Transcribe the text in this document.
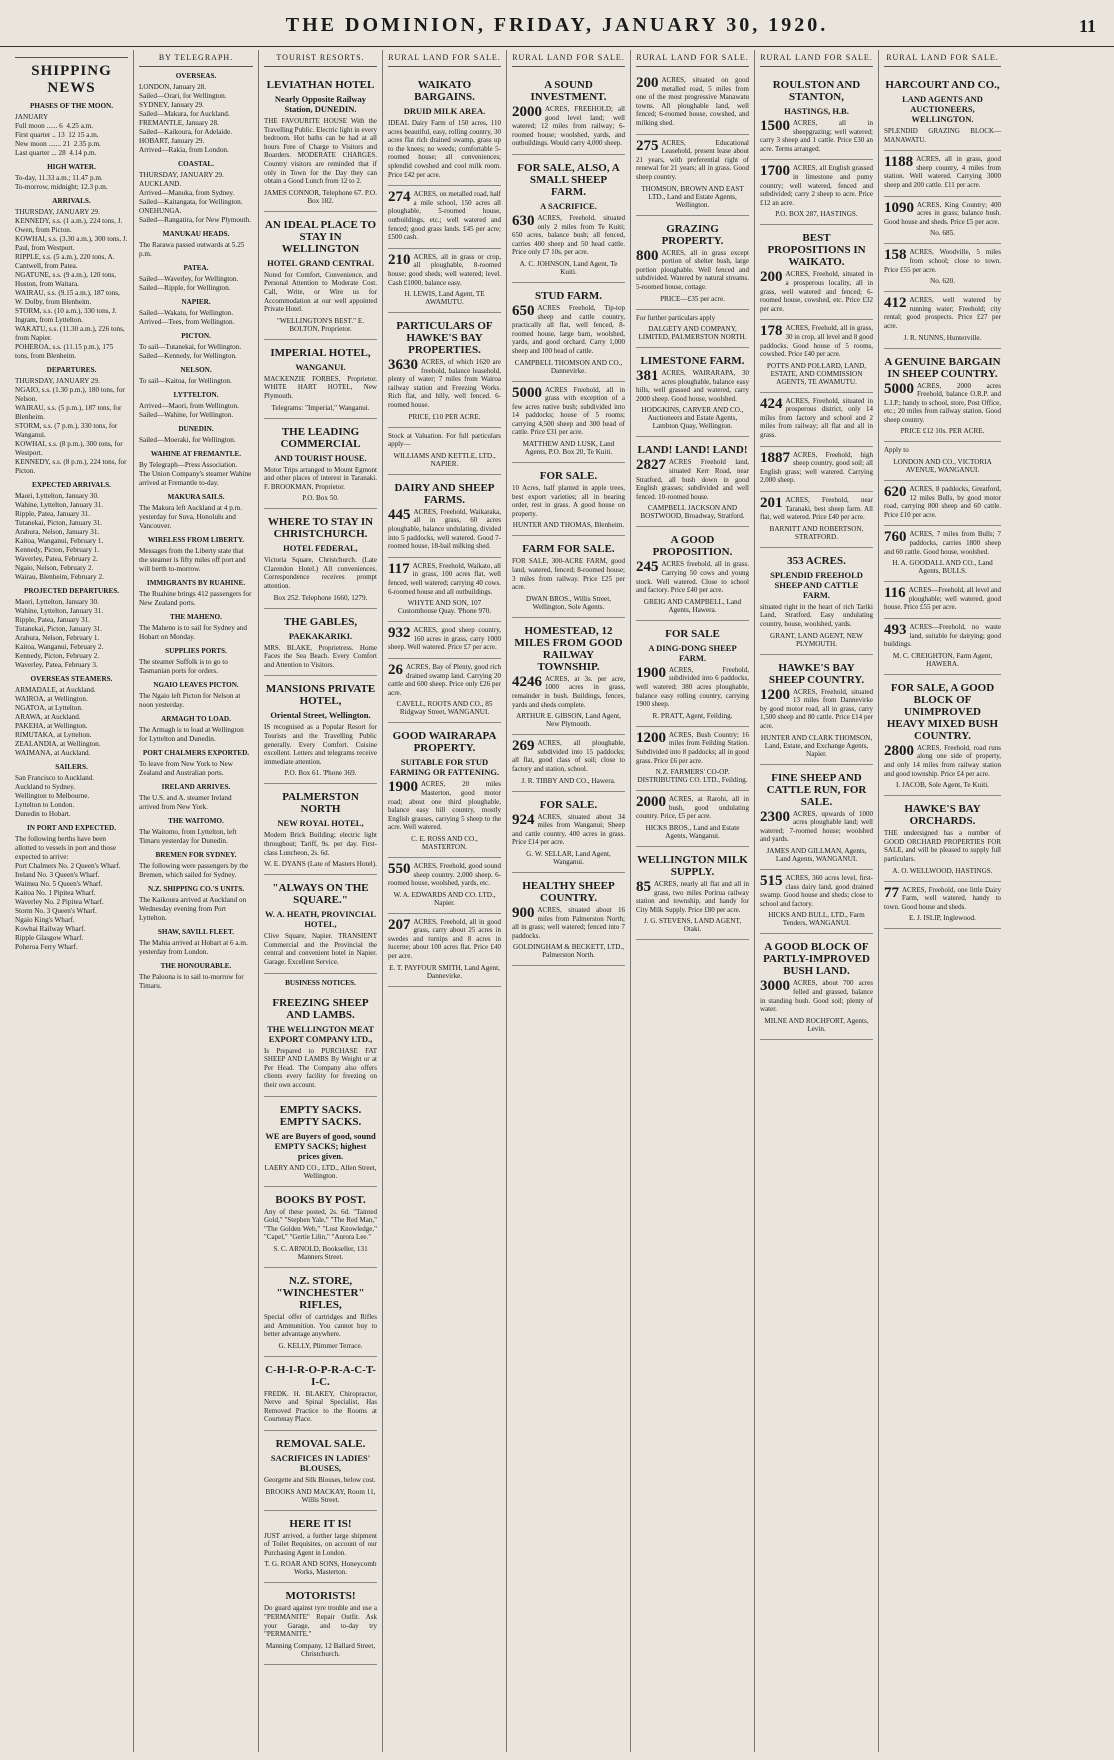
THE DOMINION, FRIDAY, JANUARY 30, 1920.	11
SHIPPING NEWS
PHASES OF THE MOON.
JANUARY
Full moon ...... 6  4.25 a.m.
First quarter .. 13  12 15 a.m.
New moon ....... 21  2.35 p.m.
Last quarter ... 28  4.14 p.m.
HIGH WATER.
To-day, 11.33 a.m.; 11.47 p.m.
To-morrow, midnight; 12.3 p.m.
ARRIVALS.
THURSDAY, JANUARY 29.
KENNEDY, s.s. (1 a.m.), 224 tons, J. Owen, from Picton.
KOWHAI, s.s. (3.30 a.m.), 300 tons, J. Paul, from Westport.
RIPPLE, s.s. (5 a.m.), 220 tons, A. Cantwell, from Patea.
NGATUNE, s.s. (9 a.m.), 120 tons, Huston, from Waitara.
WAIRAU, s.s. (9.15 a.m.), 187 tons, W. Dolby, from Blenheim.
STORM, s.s. (10 a.m.), 330 tons, J. Ingram, from Lyttelton.
WAKATU, s.s. (11.30 a.m.), 226 tons, from Napier.
POHEROA, s.s. (11.15 p.m.), 175 tons, from Blenheim.
DEPARTURES.
THURSDAY, JANUARY 29.
NGAIO, s.s. (1.30 p.m.), 180 tons, for Nelson.
WAIRAU, s.s. (5 p.m.), 187 tons, for Blenheim.
STORM, s.s. (7 p.m.), 330 tons, for Wanganui.
KOWHAI, s.s. (8 p.m.), 300 tons, for Westport.
KENNEDY, s.s. (8 p.m.), 224 tons, for Picton.
EXPECTED ARRIVALS.
Maori, Lyttelton, January 30.
Wahine, Lyttelton, January 31.
Ripple, Patea, January 31.
Tutanekai, Picton, January 31.
Arahura, Nelson, January 31.
Kaitoa, Wanganui, February 1.
Kennedy, Picton, February 1.
Waverley, Patea, February 2.
Ngaio, Nelson, February 2.
Wairau, Blenheim, February 2.
PROJECTED DEPARTURES.
Maori, Lyttelton, January 30.
Wahine, Lyttelton, January 31.
Ripple, Patea, January 31.
Tutanekai, Picton, January 31.
Arahura, Nelson, February 1.
Kaitoa, Wanganui, February 2.
Kennedy, Picton, February 2.
Waverley, Patea, February 3.
OVERSEAS STEAMERS.
ARMADALE, at Auckland.
WAIROA, at Wellington.
NGATOA, at Lyttelton.
ARAWA, at Auckland.
PAKEHA, at Wellington.
RIMUTAKA, at Lyttelton.
ZEALANDIA, at Wellington.
WAIMANA, at Auckland.
SAILERS.
San Francisco to Auckland.
Auckland to Sydney.
Wellington to Melbourne.
Lyttelton to London.
Dunedin to Hobart.
IN PORT AND EXPECTED.
The following berths have been allotted to vessels in port and those expected to arrive:
Port Chalmers No. 2 Queen's Wharf.
Ireland No. 3 Queen's Wharf.
Waimea No. 5 Queen's Wharf.
Kaitoa No. 1 Pipitea Wharf.
Waverley No. 2 Pipitea Wharf.
Storm No. 3 Queen's Wharf.
Ngaio King's Wharf.
Kowhai Railway Wharf.
Ripple Glasgow Wharf.
Poheroa Ferry Wharf.
BY TELEGRAPH.
OVERSEAS.
LONDON, January 28.
Sailed—Orari, for Wellington.
SYDNEY, January 29.
Sailed—Makura, for Auckland.
FREMANTLE, January 28.
Sailed—Kaikoura, for Adelaide.
HOBART, January 29.
Arrived—Rakia, from London.
COASTAL.
THURSDAY, JANUARY 29.
AUCKLAND.
Arrived—Manuka, from Sydney.
Sailed—Kaitangata, for Wellington.
ONEHUNGA.
Sailed—Rangatira, for New Plymouth.
MANUKAU HEADS.
The Rarawa passed outwards at 5.25 p.m.
PATEA.
Sailed—Waverley, for Wellington.
Sailed—Ripple, for Wellington.
NAPIER.
Sailed—Wakatu, for Wellington.
Arrived—Tees, from Wellington.
PICTON.
To sail—Tutanekai, for Wellington.
Sailed—Kennedy, for Wellington.
NELSON.
To sail—Kaitoa, for Wellington.
LYTTELTON.
Arrived—Maori, from Wellington.
Sailed—Wahine, for Wellington.
DUNEDIN.
Sailed—Moeraki, for Wellington.
WAHINE AT FREMANTLE.
By Telegraph—Press Association.
The Union Company's steamer Wahine arrived at Fremantle to-day.
MAKURA SAILS.
The Makura left Auckland at 4 p.m. yesterday for Suva, Honolulu and Vancouver.
WIRELESS FROM LIBERTY.
Messages from the Liberty state that the steamer is fifty miles off port and will berth to-morrow.
IMMIGRANTS BY RUAHINE.
The Ruahine brings 412 passengers for New Zealand ports.
THE MAHENO.
The Maheno is to sail for Sydney and Hobart on Monday.
SUPPLIES PORTS.
The steamer Suffolk is to go to Tasmanian ports for orders.
NGAIO LEAVES PICTON.
The Ngaio left Picton for Nelson at noon yesterday.
ARMAGH TO LOAD.
The Armagh is to load at Wellington for Lyttelton and Dunedin.
PORT CHALMERS EXPORTED.
To leave from New York to New Zealand and Australian ports.
IRELAND ARRIVES.
The U.S. and A. steamer Ireland arrived from New York.
THE WAITOMO.
The Waitomo, from Lyttelton, left Timaru yesterday for Dunedin.
BREMEN FOR SYDNEY.
The following were passengers by the Bremen, which sailed for Sydney.
N.Z. SHIPPING CO.'S UNITS.
The Kaikoura arrived at Auckland on Wednesday evening from Port Lyttelton.
SHAW, SAVILL FLEET.
The Mahia arrived at Hobart at 6 a.m. yesterday from London.
THE HONOURABLE.
The Paloona is to sail to-morrow for Timaru.
TOURIST RESORTS.
LEVIATHAN HOTEL
Nearly Opposite Railway Station, DUNEDIN.
THE FAVOURITE HOUSE With the Travelling Public. Electric light in every bedroom. Hot baths can be had at all hours Free of Charge to Visitors and Boarders. MODERATE CHARGES. Country visitors are reminded that if only in Town for the Day they can obtain a Good Lunch from 12 to 2.
JAMES CONNOR, Telephone 67. P.O. Box 182.
AN IDEAL PLACE TO STAY IN WELLINGTON
HOTEL GRAND CENTRAL
Noted for Comfort, Convenience, and Personal Attention to Moderate Cost. Call, Write, or Wire us for Accommodation at our well appointed Private Hotel.
"WELLINGTON'S BEST." E. BOLTON, Proprietor.
IMPERIAL HOTEL,
WANGANUI.
MACKENZIE FORBES, Proprietor. WHITE HART HOTEL, New Plymouth.
Telegrams: "Imperial," Wanganui.
THE LEADING COMMERCIAL
AND TOURIST HOUSE.
Motor Trips arranged to Mount Egmont and other places of interest in Taranaki. F. BROOKMAN, Proprietor.
P.O. Box 50.
WHERE TO STAY IN CHRISTCHURCH.
HOTEL FEDERAL,
Victoria Square, Christchurch. (Late Clarendon Hotel.) All conveniences. Correspondence receives prompt attention.
Box 252. Telephone 1660, 1279.
THE GABLES,
PAEKAKARIKI.
MRS. BLAKE, Proprietress. Home Faces the Sea Beach. Every Comfort and Attention to Visitors.
MANSIONS PRIVATE HOTEL,
Oriental Street, Wellington.
IS recognised as a Popular Resort for Tourists and the Travelling Public generally. Every Comfort. Cuisine excellent. Letters and telegrams receive immediate attention.
P.O. Box 61. 'Phone 369.
PALMERSTON NORTH
NEW ROYAL HOTEL,
Modern Brick Building; electric light throughout; Tariff, 9s. per day. First-class Luncheon, 2s. 6d.
W. E. DYANS (Late of Masters Hotel).
"ALWAYS ON THE SQUARE."
W. A. HEATH, PROVINCIAL HOTEL,
Clive Square, Napier. TRANSIENT Commercial and the Provincial the central and convenient hotel in Napier. Garage. Excellent Service.
BUSINESS NOTICES.
FREEZING SHEEP AND LAMBS.
THE WELLINGTON MEAT EXPORT COMPANY LTD.,
Is Prepared to PURCHASE FAT SHEEP AND LAMBS By Weight or at Per Head. The Company also offers clients every facility for freezing on their own account.
EMPTY SACKS. EMPTY SACKS.
WE are Buyers of good, sound EMPTY SACKS; highest prices given.
LAERY AND CO., LTD., Allen Street, Wellington.
BOOKS BY POST.
Any of these posted, 2s. 6d. "Tainted Gold," "Stephen Yale," "The Red Man," "The Golden Web," "Lost Knowledge," "Capel," "Gertie Lilin," "Aurora Lee."
S. C. ARNOLD, Bookseller, 131 Manners Street.
N.Z. STORE, "WINCHESTER" RIFLES,
Special offer of cartridges and Rifles and Ammunition. You cannot buy to better advantage anywhere.
G. KELLY, Plimmer Terrace.
C-H-I-R-O-P-R-A-C-T-I-C.
FREDK. H. BLAKEY, Chiropractor, Nerve and Spinal Specialist, Has Removed Practice to the Rooms at Courtenay Place.
REMOVAL SALE.
SACRIFICES IN LADIES' BLOUSES,
Georgette and Silk Blouses, below cost.
BROOKS AND MACKAY, Room 11, Willis Street.
HERE IT IS!
JUST arrived, a further large shipment of Toilet Requisites, on account of our Purchasing Agent in London.
T. G. ROAR AND SONS, Honeycomb Works, Masterton.
MOTORISTS!
Do guard against tyre trouble and use a "PERMANITE" Repair Outfit. Ask your Garage, and to-day try "PERMANITE."
Manning Company, 12 Ballard Street, Christchurch.
RURAL LAND FOR SALE.
WAIKATO BARGAINS.
DRUID MILK AREA.
IDEAL Dairy Farm of 150 acres, 110 acres beautiful, easy, rolling country, 30 acres flat rich drained swamp, grass up to the knees; no weeds; comfortable 5-roomed house; all conveniences; splendid cowshed and cool milk room. Price £42 per acre.
274 ACRES, on metalled road, half a mile school, 150 acres all ploughable, 5-roomed house, outbuildings, etc.; well watered and fenced; good grass lands. £45 per acre; £500 cash.
210 ACRES, all in grass or crop, all ploughable, 8-roomed house; good sheds; well watered; level. Cash £1000, balance easy.
H. LEWIS, Land Agent, TE AWAMUTU.
PARTICULARS OF HAWKE'S BAY PROPERTIES.
3630 ACRES, of which 1620 are freehold, balance leasehold, plenty of water; 7 miles from Wairoa railway station and Freezing Works. Rich flat, and hilly, well fenced. 6-roomed house.
PRICE, £10 PER ACRE.
Stock at Valuation. For full particulars apply—
WILLIAMS AND KETTLE, LTD., NAPIER.
DAIRY AND SHEEP FARMS.
445 ACRES, Freehold, Waikaraka, all in grass, 60 acres ploughable, balance undulating, divided into 5 paddocks, well watered. Good 7-roomed house, 18-bail milking shed.
117 ACRES, Freehold, Waikato, all in grass, 100 acres flat, well fenced, well watered; carrying 40 cows. 6-roomed house and all outbuildings.
WHYTE AND SON, 107 Customhouse Quay. 'Phone 970.
932 ACRES, good sheep country, 160 acres in grass, carry 1000 sheep. Well watered. Price £7 per acre.
26 ACRES, Bay of Plenty, good rich drained swamp land. Carrying 20 cattle and 600 sheep. Price only £26 per acre.
CAVELL, ROOTS AND CO., 85 Ridgway Street, WANGANUI.
GOOD WAIRARAPA PROPERTY.
SUITABLE FOR STUD FARMING OR FATTENING.
1900 ACRES, 20 miles Masterton, good motor road; about one third ploughable, balance easy hill country, mostly English grasses, carrying 5 sheep to the acre. Well watered.
C. E. ROSS AND CO., MASTERTON.
550 ACRES, Freehold, good sound sheep country. 2,000 sheep. 6-roomed house, woolshed, yards, etc.
W. A. EDWARDS AND CO. LTD., Napier.
207 ACRES, Freehold, all in good grass, carry about 25 acres in swedes and turnips and 8 acres in lucerne; about 100 acres flat. Price £40 per acre.
E. T. PAYFOUR SMITH, Land Agent, Dannevirke.
RURAL LAND FOR SALE.
A SOUND INVESTMENT.
2000 ACRES, FREEHOLD; all good level land; well watered; 12 miles from railway; 6-roomed house; woolshed, yards, and outbuildings. Would carry 4,000 sheep.
FOR SALE, ALSO, A SMALL SHEEP FARM.
A SACRIFICE.
630 ACRES, Freehold, situated only 2 miles from Te Kuiti; 650 acres, balance bush; all fenced, carries 400 sheep and 50 head cattle. Price only £7 10s. per acre.
A. C. JOHNSON, Land Agent, Te Kuiti.
STUD FARM.
650 ACRES Freehold, Tip-top sheep and cattle country, practically all flat, well fenced, 8-roomed house, large barn, woolshed, yards, and good orchard. Carry 1,000 sheep and 100 head of cattle.
CAMPBELL THOMSON AND CO., Dannevirke.
5000 ACRES Freehold, all in grass with exception of a few acres native bush; subdivided into 14 paddocks; house of 5 rooms; carrying 4,500 sheep and 300 head of cattle. Price £31 per acre.
MATTHEW AND LUSK, Land Agents, P.O. Box 20, Te Kuiti.
FOR SALE.
10 Acres, half planted in apple trees, best export varieties; all in bearing order, rest in grass. A good house on property.
HUNTER AND THOMAS, Blenheim.
FARM FOR SALE.
FOR SALE, 300-ACRE FARM, good land, watered, fenced; 8-roomed house; 3 miles from railway. Price £25 per acre.
DWAN BROS., Willis Street, Wellington, Sole Agents.
HOMESTEAD, 12 MILES FROM GOOD RAILWAY TOWNSHIP.
4246 ACRES, at 3s. per acre, 1000 acres in grass, remainder in bush. Buildings, fences, yards and sheds complete.
ARTHUR E. GIBSON, Land Agent, New Plymouth.
269 ACRES, all ploughable, subdivided into 15 paddocks; all flat, good class of soil; close to factory and station, school.
J. R. TIBBY AND CO., Hawera.
FOR SALE.
924 ACRES, situated about 34 miles from Wanganui; Sheep and cattle country, 400 acres in grass. Price £14 per acre.
G. W. SELLAR, Land Agent, Wanganui.
HEALTHY SHEEP COUNTRY.
900 ACRES, situated about 16 miles from Palmerston North; all in grass; well watered; fenced into 7 paddocks.
GOLDINGHAM & BECKETT, LTD., Palmerston North.
RURAL LAND FOR SALE.
200 ACRES, situated on good metalled road, 5 miles from one of the most progressive Manawatu towns. All ploughable land, well fenced; 6-roomed house, cowshed, and milking shed.
275 ACRES, Educational Leasehold, present lease about 21 years, with preferential right of renewal for 21 years; all in grass. Good sheep country.
THOMSON, BROWN AND EAST LTD., Land and Estate Agents, Wellington.
GRAZING PROPERTY.
800 ACRES, all in grass except portion of shelter bush, large portion ploughable. Well fenced and subdivided. Watered by natural streams. 5-roomed house, cottage.
PRICE—£35 per acre.
For further particulars apply
DALGETY AND COMPANY, LIMITED, PALMERSTON NORTH.
LIMESTONE FARM.
381 ACRES, WAIRARAPA, 30 acres ploughable, balance easy hills, well grassed and watered, carry 2000 sheep. Good house, woolshed.
HODGKINS, CARVER AND CO., Auctioneers and Estate Agents, Lambton Quay, Wellington.
LAND! LAND! LAND!
2827 ACRES Freehold land, situated Kerr Road, near Stratford, all bush down in good English grasses; subdivided and well fenced. 10-roomed house.
CAMPBELL JACKSON AND BOSTWOOD, Broadway, Stratford.
A GOOD PROPOSITION.
245 ACRES freehold, all in grass. Carrying 50 cows and young stock. Well watered. Close to school and factory. Price £40 per acre.
GREIG AND CAMPBELL, Land Agents, Hawera.
FOR SALE
A DING-DONG SHEEP FARM.
1900 ACRES, Freehold, subdivided into 6 paddocks, well watered; 380 acres ploughable, balance easy rolling country, carrying 1900 sheep.
R. PRATT, Agent, Feilding.
1200 ACRES, Bush Country; 16 miles from Feilding Station. Subdivided into 8 paddocks; all in good grass. Price £6 per acre.
N.Z. FARMERS' CO-OP. DISTRIBUTING CO. LTD., Feilding.
2000 ACRES, at Rarohi, all in bush, good undulating country. Price, £5 per acre.
HICKS BROS., Land and Estate Agents, Wanganui.
WELLINGTON MILK SUPPLY.
85 ACRES, nearly all flat and all in grass, two miles Porirua railway station and township, and handy for City Milk Supply. Price £80 per acre.
J. G. STEVENS, LAND AGENT, Otaki.
RURAL LAND FOR SALE.
ROULSTON AND STANTON,
HASTINGS, H.B.
1500 ACRES, all in sheepgrazing; well watered; carry 3 sheep and 1 cattle. Price £30 an acre. Terms arranged.
1700 ACRES, all English grassed in limestone and pumy country; well watered, fenced and subdivided; carry 2 sheep to acre. Price £12 an acre.
P.O. BOX 287, HASTINGS.
BEST PROPOSITIONS IN WAIKATO.
200 ACRES, Freehold, situated in a prosperous locality, all in grass, well watered and fenced; 6-roomed house, cowshed, etc. Price £32 per acre.
178 ACRES, Freehold, all in grass, 30 in crop, all level and 8 good paddocks. Good house of 5 rooms, cowshed. Price £40 per acre.
POTTS AND POLLARD, LAND, ESTATE, AND COMMISSION AGENTS, TE AWAMUTU.
424 ACRES, Freehold, situated in prosperous district, only 14 miles from factory and school and 2 miles from railway; all flat and all in grass.
1887 ACRES, Freehold, high sheep country, good soil; all English grass; well watered. Carrying 2,000 sheep.
201 ACRES, Freehold, near Taranaki, best sheep farm. All flat, well watered. Price £40 per acre.
BARNITT AND ROBERTSON, STRATFORD.
353 ACRES.
SPLENDID FREEHOLD SHEEP AND CATTLE FARM.
situated right in the heart of rich Tariki Land, Stratford. Easy undulating country, house, woolshed, yards.
GRANT, LAND AGENT, NEW PLYMOUTH.
HAWKE'S BAY SHEEP COUNTRY.
1200 ACRES, Freehold, situated 13 miles from Dannevirke by good motor road, all in grass, carry 1,500 sheep and 80 cattle. Price £14 per acre.
HUNTER AND CLARK THOMSON, Land, Estate, and Exchange Agents, Napier.
FINE SHEEP AND CATTLE RUN, FOR SALE.
2300 ACRES, upwards of 1000 acres ploughable land; well watered; 7-roomed house; woolshed and yards.
JAMES AND GILLMAN, Agents, Land Agents, WANGANUI.
515 ACRES, 360 acres level, first-class dairy land, good drained swamp. Good house and sheds; close to school and factory.
HICKS AND BULL, LTD., Farm Tenders, WANGANUI.
A GOOD BLOCK OF PARTLY-IMPROVED BUSH LAND.
3000 ACRES, about 700 acres felled and grassed, balance in standing bush. Good soil; plenty of water.
MILNE AND ROCHFORT, Agents, Levin.
RURAL LAND FOR SALE.
HARCOURT AND CO.,
LAND AGENTS AND AUCTIONEERS, WELLINGTON.
SPLENDID GRAZING BLOCK—MANAWATU.
1188 ACRES, all in grass, good sheep country, 4 miles from station. Well watered. Carrying 3000 sheep and 200 cattle. £11 per acre.
1090 ACRES, King Country; 400 acres in grass; balance bush. Good house and sheds. Price £5 per acre.
No. 685.
158 ACRES, Woodville, 5 miles from school; close to town. Price £55 per acre.
No. 620.
412 ACRES, well watered by running water; Freehold; city rental; good prospects. Price £27 per acre.
J. R. NUNNS, Hunterville.
A GENUINE BARGAIN IN SHEEP COUNTRY.
5000 ACRES, 2000 acres Freehold, balance O.R.P. and L.I.P.; handy to school, store, Post Office, etc.; 20 miles from railway station. Good sheep country.
PRICE £12 10s. PER ACRE.
Apply to
LONDON AND CO., VICTORIA AVENUE, WANGANUI.
620 ACRES, 8 paddocks, Greatford, 12 miles Bulls, by good motor road, carrying 800 sheep and 60 cattle. Price £10 per acre.
760 ACRES, 7 miles from Bulls; 7 paddocks, carries 1800 sheep and 60 cattle. Good house, woolshed.
H. A. GOODALL AND CO., Land Agents, BULLS.
116 ACRES—Freehold, all level and ploughable; well watered, good house. Price £55 per acre.
493 ACRES—Freehold, no waste land, suitable for dairying; good buildings.
M. C. CREIGHTON, Farm Agent, HAWERA.
FOR SALE, A GOOD BLOCK OF UNIMPROVED HEAVY MIXED BUSH COUNTRY.
2800 ACRES, Freehold, road runs along one side of property, and only 14 miles from railway station and good township. Price £4 per acre.
I. JACOB, Sole Agent, Te Kuiti.
HAWKE'S BAY ORCHARDS.
THE undersigned has a number of GOOD ORCHARD PROPERTIES FOR SALE, and will be pleased to supply full particulars.
A. O. WELLWOOD, HASTINGS.
77 ACRES, Freehold, one little Dairy Farm, well watered, handy to town. Good house and sheds.
E. J. ISLIP, Inglewood.
